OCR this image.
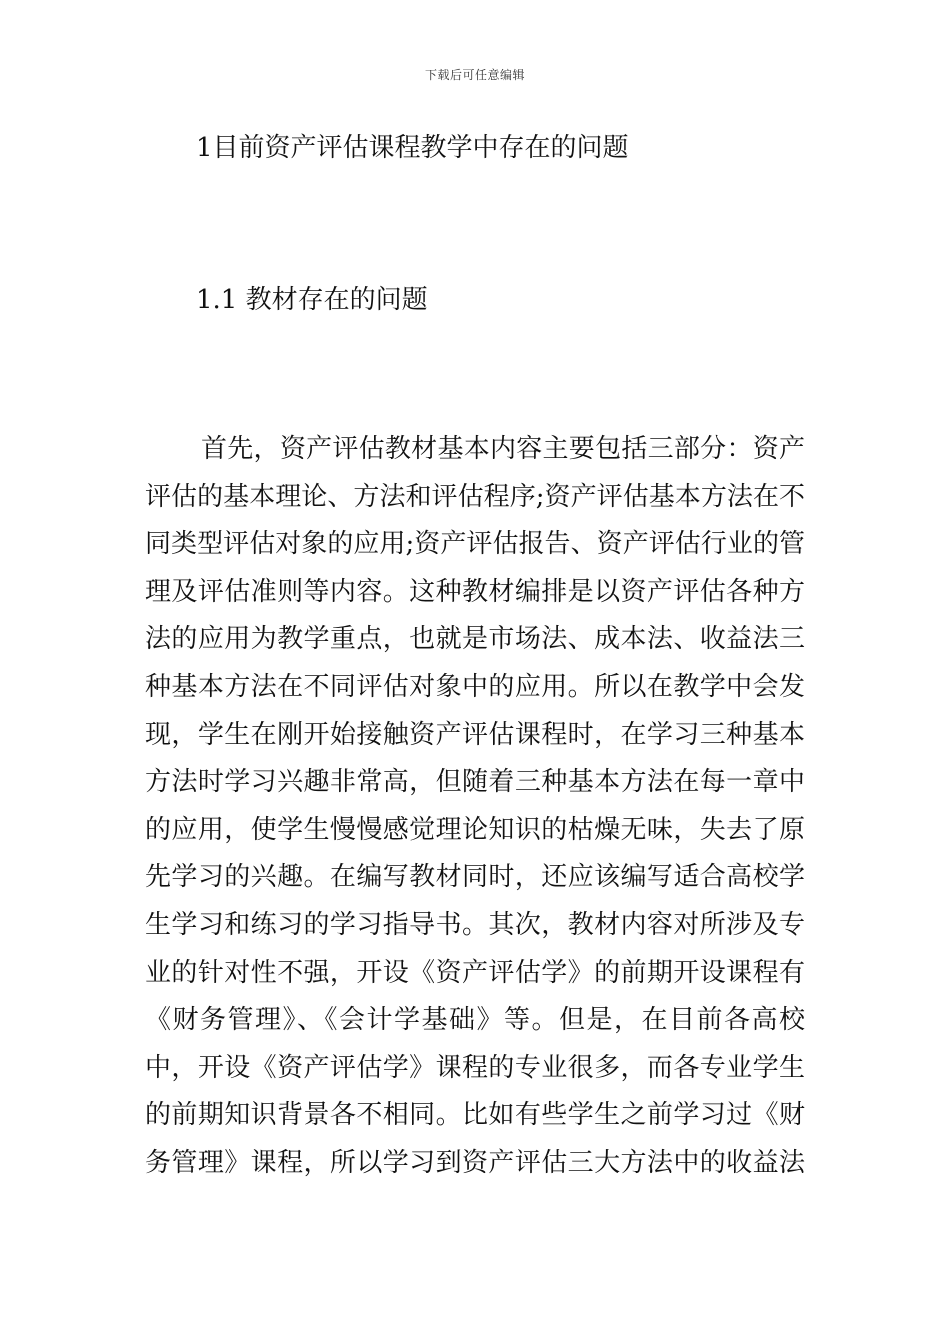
下载后可任意编辑
1目前资产评估课程教学中存在的问题
1.1 教材存在的问题
首先，资产评估教材基本内容主要包括三部分：资产
评估的基本理论、方法和评估程序;资产评估基本方法在不
同类型评估对象的应用;资产评估报告、资产评估行业的管
理及评估准则等内容。这种教材编排是以资产评估各种方
法的应用为教学重点，也就是市场法、成本法、收益法三
种基本方法在不同评估对象中的应用。所以在教学中会发
现，学生在刚开始接触资产评估课程时，在学习三种基本
方法时学习兴趣非常高，但随着三种基本方法在每一章中
的应用，使学生慢慢感觉理论知识的枯燥无味，失去了原
先学习的兴趣。在编写教材同时，还应该编写适合高校学
生学习和练习的学习指导书。其次，教材内容对所涉及专
业的针对性不强，开设《资产评估学》的前期开设课程有
《财务管理》、《会计学基础》等。但是，在目前各高校
中，开设《资产评估学》课程的专业很多，而各专业学生
的前期知识背景各不相同。比如有些学生之前学习过《财
务管理》课程，所以学习到资产评估三大方法中的收益法
